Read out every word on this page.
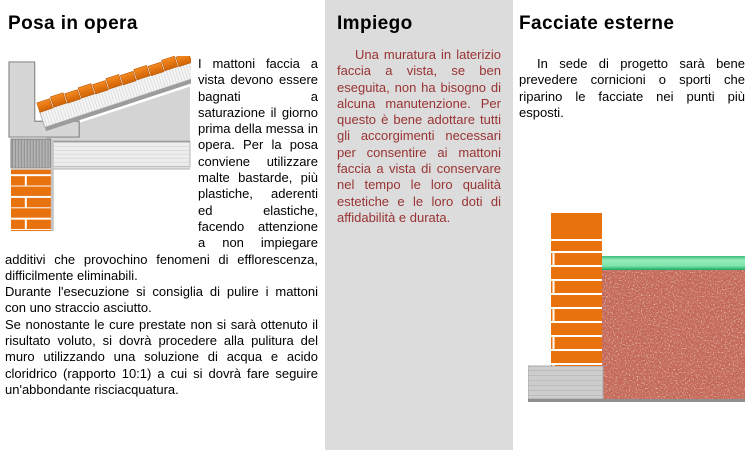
Posa in opera

I mattoni faccia a vista devono essere bagnati a saturazione il giorno prima della messa in opera. Per la posa conviene utilizzare malte bastarde, più plastiche, aderenti ed elastiche, facendo attenzione a non impiegare additivi che provochino fenomeni di efflorescenza, difficilmente eliminabili.

Durante l'esecuzione si consiglia di pulire i mattoni con uno straccio asciutto.

Se nonostante le cure prestate non si sarà ottenuto il risultato voluto, si dovrà procedere alla pulitura del muro utilizzando una soluzione di acqua e acido cloridrico (rapporto 10:1) a cui si dovrà fare seguire un'abbondante risciacquatura.

Impiego

Una muratura in laterizio faccia a vista, se ben eseguita, non ha bisogno di alcuna manutenzione. Per questo è bene adottare tutti gli accorgimenti necessari per consentire ai mattoni faccia a vista di conservare nel tempo le loro qualità estetiche e le loro doti di affidabilità e durata.

Facciate esterne

In sede di progetto sarà bene prevedere cornicioni o sporti che riparino le facciate nei punti più esposti.
